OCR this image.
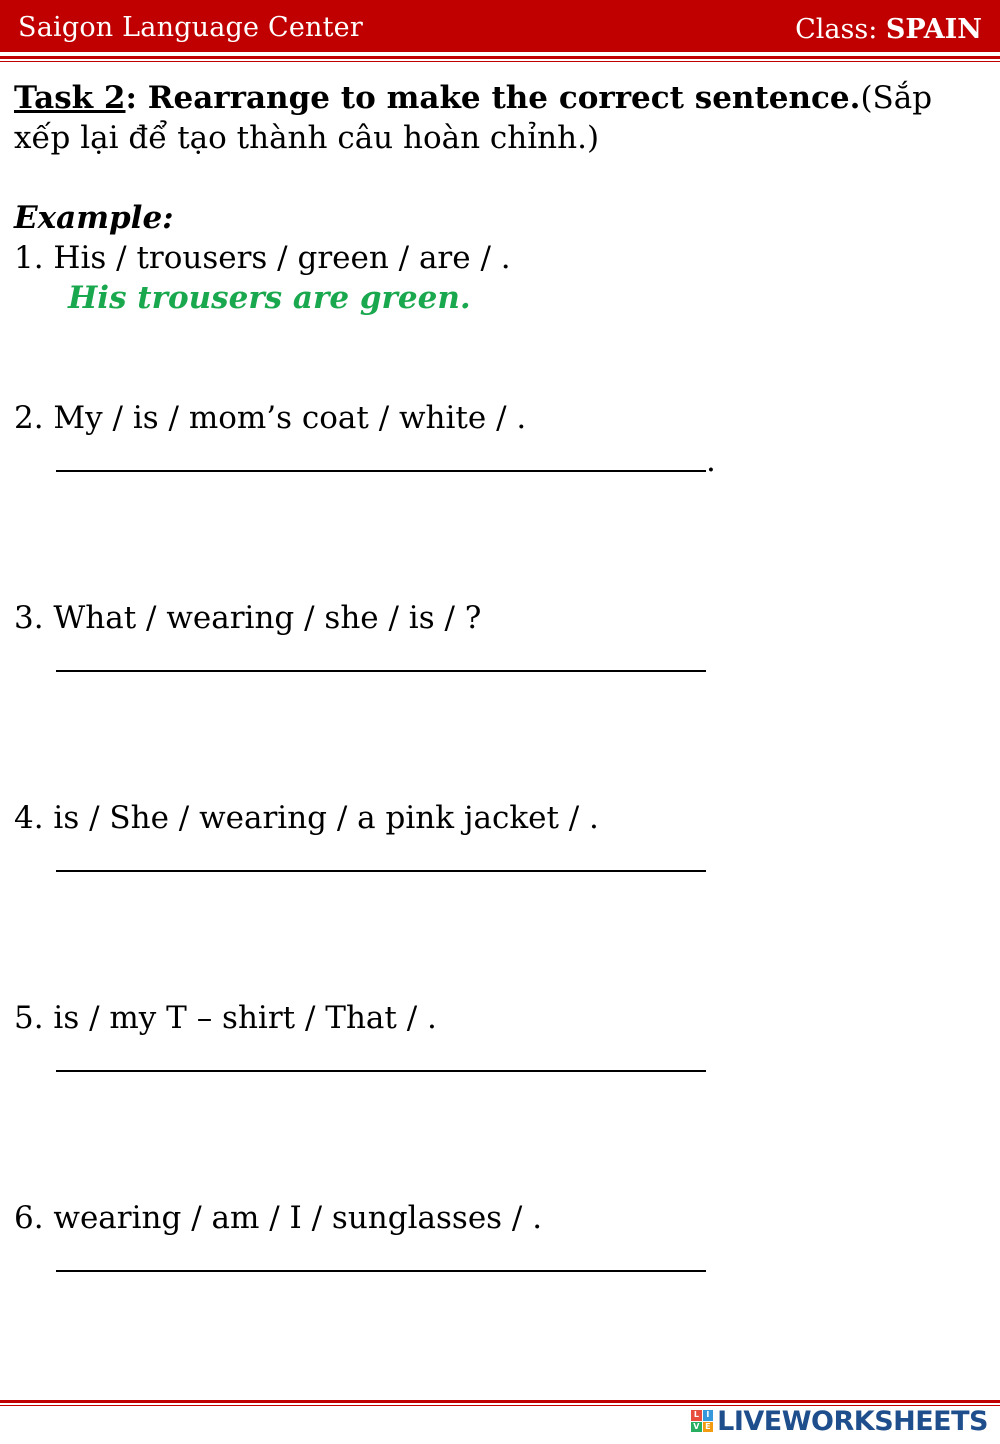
Saigon Language Center	Class: SPAIN
Task 2: Rearrange to make the correct sentence.(Sắp xếp lại để tạo thành câu hoàn chỉnh.)
Example:
1. His / trousers / green / are / .
His trousers are green.
2. My / is / mom’s coat / white / .
.
3. What / wearing / she / is / ?
4. is / She / wearing / a pink jacket / .
5. is / my T – shirt / That / .
6. wearing / am / I / sunglasses / .
L I
V E LIVEWORKSHEETS
